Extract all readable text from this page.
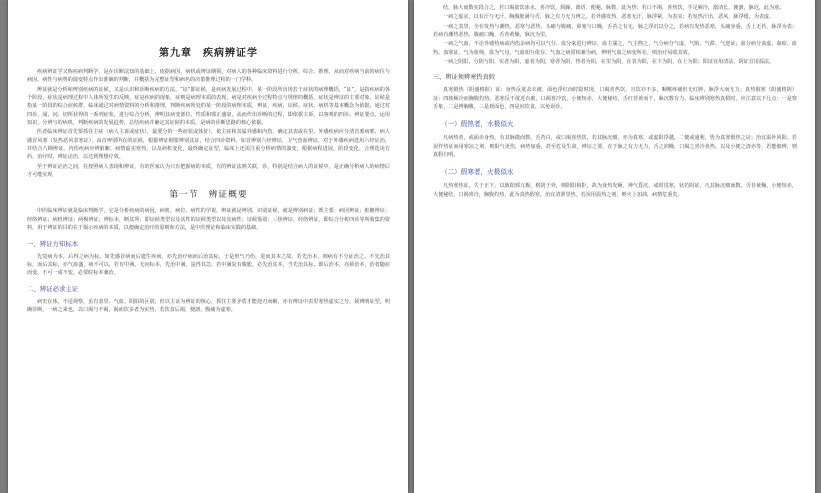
第九章　疾病辨证学

疾病辨证学又称疾病判断学，是在诊断法知的基础上，依据病因、病机或辨证纲领，对病人的各种临床资料进行分析、综合、推理，从而对疾病当前的病位与病因、病性与病势的演变特点作出准确的判断，并概括为完整证型和病名的决策推理过程的一门学科。

辨证就是分析和辨别疾病的证候，又是认识和诊断疾病的方法。“证”即证候，是疾病发展过程中，某一阶段所出现若干症状的病理概括，“证”，是指疾病的各个阶段，症状是病理过程中人体所发生的反映，症是疾病的现象，症则是病理本质的表现。病是对疾病全过程特点与规律的概括，症状是辨证的主要对象，证候是指某一阶段的综合症候群，临床通过对病情资料的分析和推理，判断疾病所处的某一阶段的病理本质，辨证，疾病、证候、症状、病机等基本概念为依据，通过对四诊，闻、问、切所获得的一系列症状，进行综合分析，辨明其病变部位、性质和邪正盛衰，从而作出诊断的过程，即依据主诉，以客观的四诊、辨证要点，运用知识，分辨与的病机，判断疾病的发展趋势，总结疾病并确定其证候的本质，是病的诊断思路的核心依据。

医者临床辨证首先要抓住主症（病人主诉或症状），最要分的一些症状或体征），依主症和其属外感和内伤，确定其表或在里，外感疾病应分清首邪病邪，病人感冒风寒（发热恶风表寒证），由首辨别所在的证候，根据辨证纲要辨别其证，结合四诊资料，如首辨别六经辨证，卫气营血辨证，对于外感疾病选用六经证治，并结合八纲辨证，内伤疾病应辨脏腑，病情虚实寒热，以及病机变化，最终确定证型，临床上还需注重分析病情的演变，根据病程进展，阶段变化，合理选用方药，治疗时，辨证论治，以达到理想疗效。

至于辨证论治之间，在按照病人表现和辨证，有的医家认为只有把握病的本质，有的辨证法则关联，诊，特别是结合病人的证候中，是正确分析病人的病情后才可能实现

第一节　辨证概要

中医临床辨证就是临床判断学，它是分析疾病的病因、病机、病位、病性的学说，辨证就是辨别、识别证候，就是辨别病证；既主要：病因辨证；脏腑辨证；经络辨证；病机辨证；两极辨证；辨标本，断其所；即证候类型以及其性的证候类型以及其病性；证候鉴别；三焦辨证，经络辨证，即综合分析四诊等所收集的资料，用于辨证的目的在于揭示疾病的本质，以便确定治疗的原则和方法，是中医理论和临床实践的基础。

一、辨证方知标本

先觉病为本，后得之病为标。如先感冒病而后遗生疾病，亦先治疗病而后治其标，于是形气乃伤，进而其本之故。若先治本，则病有不分证治之。不先治其标，而后其标，亦气血盛，病不可以，若有中满，无问标本，先治中满，是得其急，若中满复有腹胀，必先治其本，当先治其标，即后治本，亦须治本，治者随症而变，不可一成不变，必要时标本兼治。

二、辨证必求主证

病史在体，不适观察，虽有表里、气血、阴阳的区别，但以主证为辨证的核心，抓住主要矛盾才能迎刃而解，亦有辨证中表里寒热虚实之分，须辨明证型，明确诊断，一病之来也，以口渴与不渴，渴而饮多者为实热，若饮食后渴，便溏，腹痛为虚寒。

结，脉大而数实段合之，若口渴欲饮冰水，喜冷饮，烦躁，谵语，便秘，脉数，此为热；若口不渴，喜热饮，手足厥冷，溺清长，便溏，脉迟，此为寒。

一病之虚实，以有汗与无汗，胸腹胀满与否，脉之有力无力辨之，若外感发热，恶寒无汗，脉浮紧，为表实；若发热汗出，恶风，脉浮缓，为表虚。

一病之表里，全在发热与潮热，恶寒与恶热，头痛与腹痛，鼻塞与口燥，舌苔之有无，脉之浮沉以分之，若病有发热恶寒，头痛身重，舌上无苔，脉浮为表；若病有潮热恶热，腹痛口燥，舌苔黄燥，脉沉为里。

一病之气血，不论外感热病或内伤杂病均可以气分、血分来进行辨证，血主濡之，气主煦之，气分病分气虚、气陷、气滞、气逆证；血分病分血虚、血瘀、血热、血寒证，气为血帅，血为气母，气血相互依存，气血之病常相兼为病，辨明气血之病变所在，则治疗易收其效。

一病之阴阳，分阴与阳，实者为阳，虚者为阴，寒者为阴，热者为阳，在里为阴，在表为阳，在下为阴，在上为阳；阳证宜用清法，阴证宜用温法。

三、辨证须辨寒热真假

真寒假热（阴盛格阳）证：身热反欲盖衣被，面色浮红而时隐时现，口渴喜热饮，且饮亦不多，咽喉疼痛但无红肿，脉浮大而无力；真热假寒（阳盛格阴）证：四肢厥冷而胸腹灼热，恶寒反不欲近衣被，口渴喜冷饮，小便短赤，大便秘结，舌红苔黄而干，脉沉数有力。临床辨别寒热真假时，应注意以下几点：一是察舌象，二是辨胸腹，三是观面色，四是问饮食，以免误诊。

（一）假热者，水极似火

凡病热者，或面赤身热，有其脉微而数，舌苔白，或口渴喜热饮，若其脉沉细，亦为真寒，或虚阳浮越，二便或通利，皆为真寒假热之证；治宜温补回阳。若误作热证而用寒凉之剂，则阳气更伤，病势加重，甚至危及生命。辨证之要，在于脉之有力无力，舌之润燥，口渴之喜冷喜热，以及小便之清赤等，若能细辨，则真假自明。

（二）假寒者，火极似水

凡热寒热证，失于正下，以致阳邪亢极，格阴于外，则阴阳相拒，故为身热发厥，神气昏沉，或时畏寒，状若阴证，凡其脉沉细而数，舌苔黄燥，小便短赤，大便秘结，口渴喜冷，胸腹灼热，此为真热假寒，治宜清泄里热。若误用温热之剂，则火上加油，病情危重矣。
